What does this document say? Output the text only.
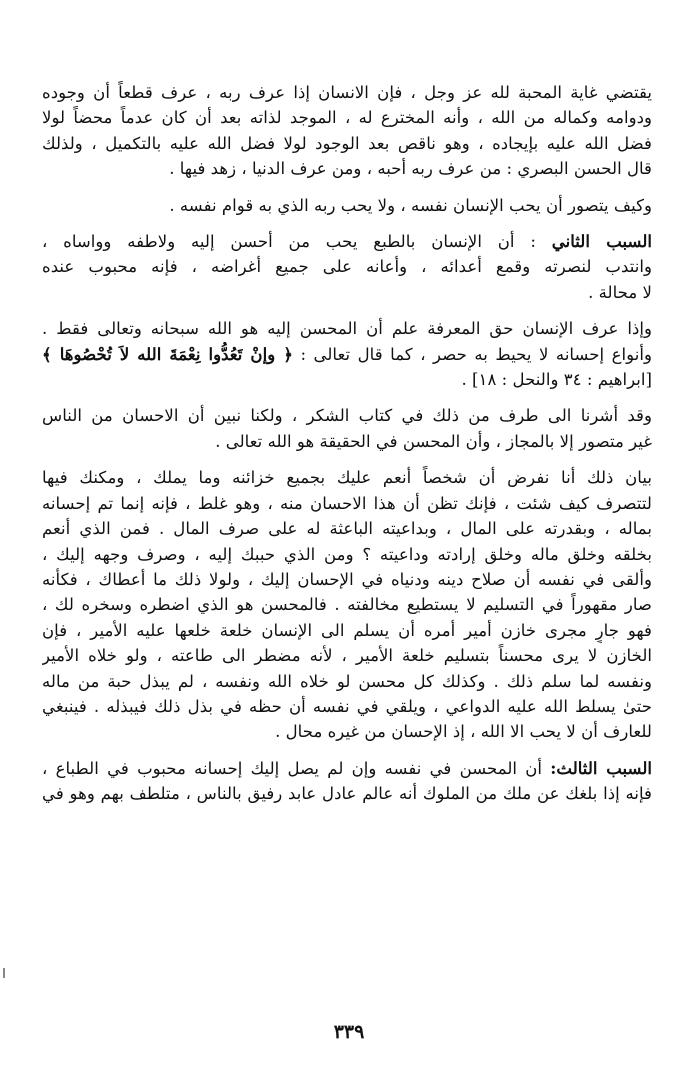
يقتضي غاية المحبة لله عز وجل ، فإن الانسان إذا عرف ربه ، عرف قطعاً أن وجوده
ودوامه وكماله من الله ، وأنه المخترع له ، الموجد لذاته بعد أن كان عدماً محضاً لولا
فضل الله عليه بإيجاده ، وهو ناقص بعد الوجود لولا فضل الله عليه بالتكميل ، ولذلك
قال الحسن البصري : من عرف ربه أحبه ، ومن عرف الدنيا ، زهد فيها .

وكيف يتصور أن يحب الإنسان نفسه ، ولا يحب ربه الذي به قوام نفسه .

السبب الثاني : أن الإنسان بالطبع يحب من أحسن إليه ولاطفه وواساه ،
وانتدب لنصرته وقمع أعدائه ، وأعانه على جميع أغراضه ، فإنه محبوب عنده
لا محالة .

وإذا عرف الإنسان حق المعرفة علم أن المحسن إليه هو الله سبحانه وتعالى فقط .
وأنواع إحسانه لا يحيط به حصر ، كما قال تعالى : ﴿ وإنْ تَعُدُّوا نِعْمَةَ الله لاَ تُحْصُوهَا ﴾
[ابراهيم : ٣٤ والنحل : ١٨] .

وقد أشرنا الى طرف من ذلك في كتاب الشكر ، ولكنا نبين أن الاحسان من الناس
غير متصور إلا بالمجاز ، وأن المحسن في الحقيقة هو الله تعالى .

بيان ذلك أنا نفرض أن شخصاً أنعم عليك بجميع خزائنه وما يملك ، ومكنك فيها
لتتصرف كيف شئت ، فإنك تظن أن هذا الاحسان منه ، وهو غلط ، فإنه إنما تم إحسانه
بماله ، وبقدرته على المال ، وبداعيته الباعثة له على صرف المال . فمن الذي أنعم
بخلقه وخلق ماله وخلق إرادته وداعيته ؟ ومن الذي حببك إليه ، وصرف وجهه إليك ،
وألقى في نفسه أن صلاح دينه ودنياه في الإحسان إليك ، ولولا ذلك ما أعطاك ، فكأنه
صار مقهوراً في التسليم لا يستطيع مخالفته . فالمحسن هو الذي اضطره وسخره لك ،
فهو جارٍ مجرى خازن أمير أمره أن يسلم الى الإنسان خلعة خلعها عليه الأمير ، فإن
الخازن لا يرى محسناً بتسليم خلعة الأمير ، لأنه مضطر الى طاعته ، ولو خلاه الأمير
ونفسه لما سلم ذلك . وكذلك كل محسن لو خلاه الله ونفسه ، لم يبذل حبة من ماله
حتىٰ يسلط الله عليه الدواعي ، ويلقي في نفسه أن حظه في بذل ذلك فيبذله . فينبغي
للعارف أن لا يحب الا الله ، إذ الإحسان من غيره محال .

السبب الثالث: أن المحسن في نفسه وإن لم يصل إليك إحسانه محبوب في الطباع ،
فإنه إذا بلغك عن ملك من الملوك أنه عالم عادل عابد رفيق بالناس ، متلطف بهم وهو في

٣٣٩
